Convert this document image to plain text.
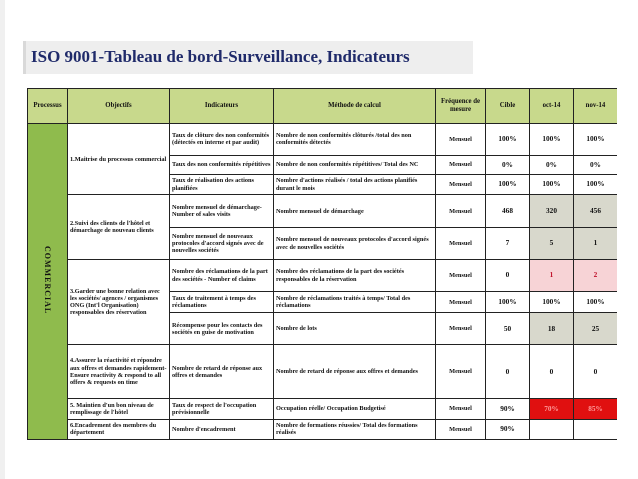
ISO 9001-Tableau de bord-Surveillance, Indicateurs
Processus	Objectifs	Indicateurs	Méthode de calcul	Fréquence de mesure	Cible	oct-14	nov-14
COMMERCIAL	1.Maitrise du processus commercial	Taux de clôture des non conformités (détectés en interne et par audit)	Nombre de non conformités clôturés /total des non conformités détectés	Mensuel	100%	100%	100%
		Taux des non conformités répétitives	Nombre de non conformités répétitives/ Total des NC	Mensuel	0%	0%	0%
		Taux de réalisation des actions planifiées	Nombre d'actions réalisés / total des actions planifiés durant le mois	Mensuel	100%	100%	100%
	2.Suivi des clients de l'hôtel et démarchage de nouveau clients	Nombre mensuel de démarchage- Number of sales visits	Nombre mensuel de démarchage	Mensuel	468	320	456
		Nombre mensuel de nouveaux protocoles d'accord signés avec de nouvelles sociétés	Nombre mensuel de nouveaux protocoles d'accord signés avec de nouvelles sociétés	Mensuel	7	5	1
	3.Garder une bonne relation avec les sociétés/ agences / organismes ONG (Int'l Organisation) responsables des réservation	Nombre des réclamations de la part des sociétés - Number of claims	Nombre des réclamations de la part des sociétés responsables de la réservation	Mensuel	0	1	2
		Taux de traitement à temps des réclamations	Nombre de réclamations traités à temps/ Total des réclamations	Mensuel	100%	100%	100%
		Récompense pour les contacts des sociétés en guise de motivation	Nombre de lots	Mensuel	50	18	25
	4.Assurer la réactivité et répondre aux offres et demandes rapidement- Ensure reactivity & respond to all offers & requests on time	Nombre de retard de réponse aux offres et demandes	Nombre de retard de réponse aux offres et demandes	Mensuel	0	0	0
	5. Maintien d'un bon niveau de remplissage de l'hôtel	Taux de respect de l'occupation prévisionnelle	Occupation réelle/ Occupation Budgetisé	Mensuel	90%	70%	85%
	6.Encadrement des membres du département	Nombre d'encadrement	Nombre de formations réussies/ Total des formations réalisés	Mensuel	90%		
